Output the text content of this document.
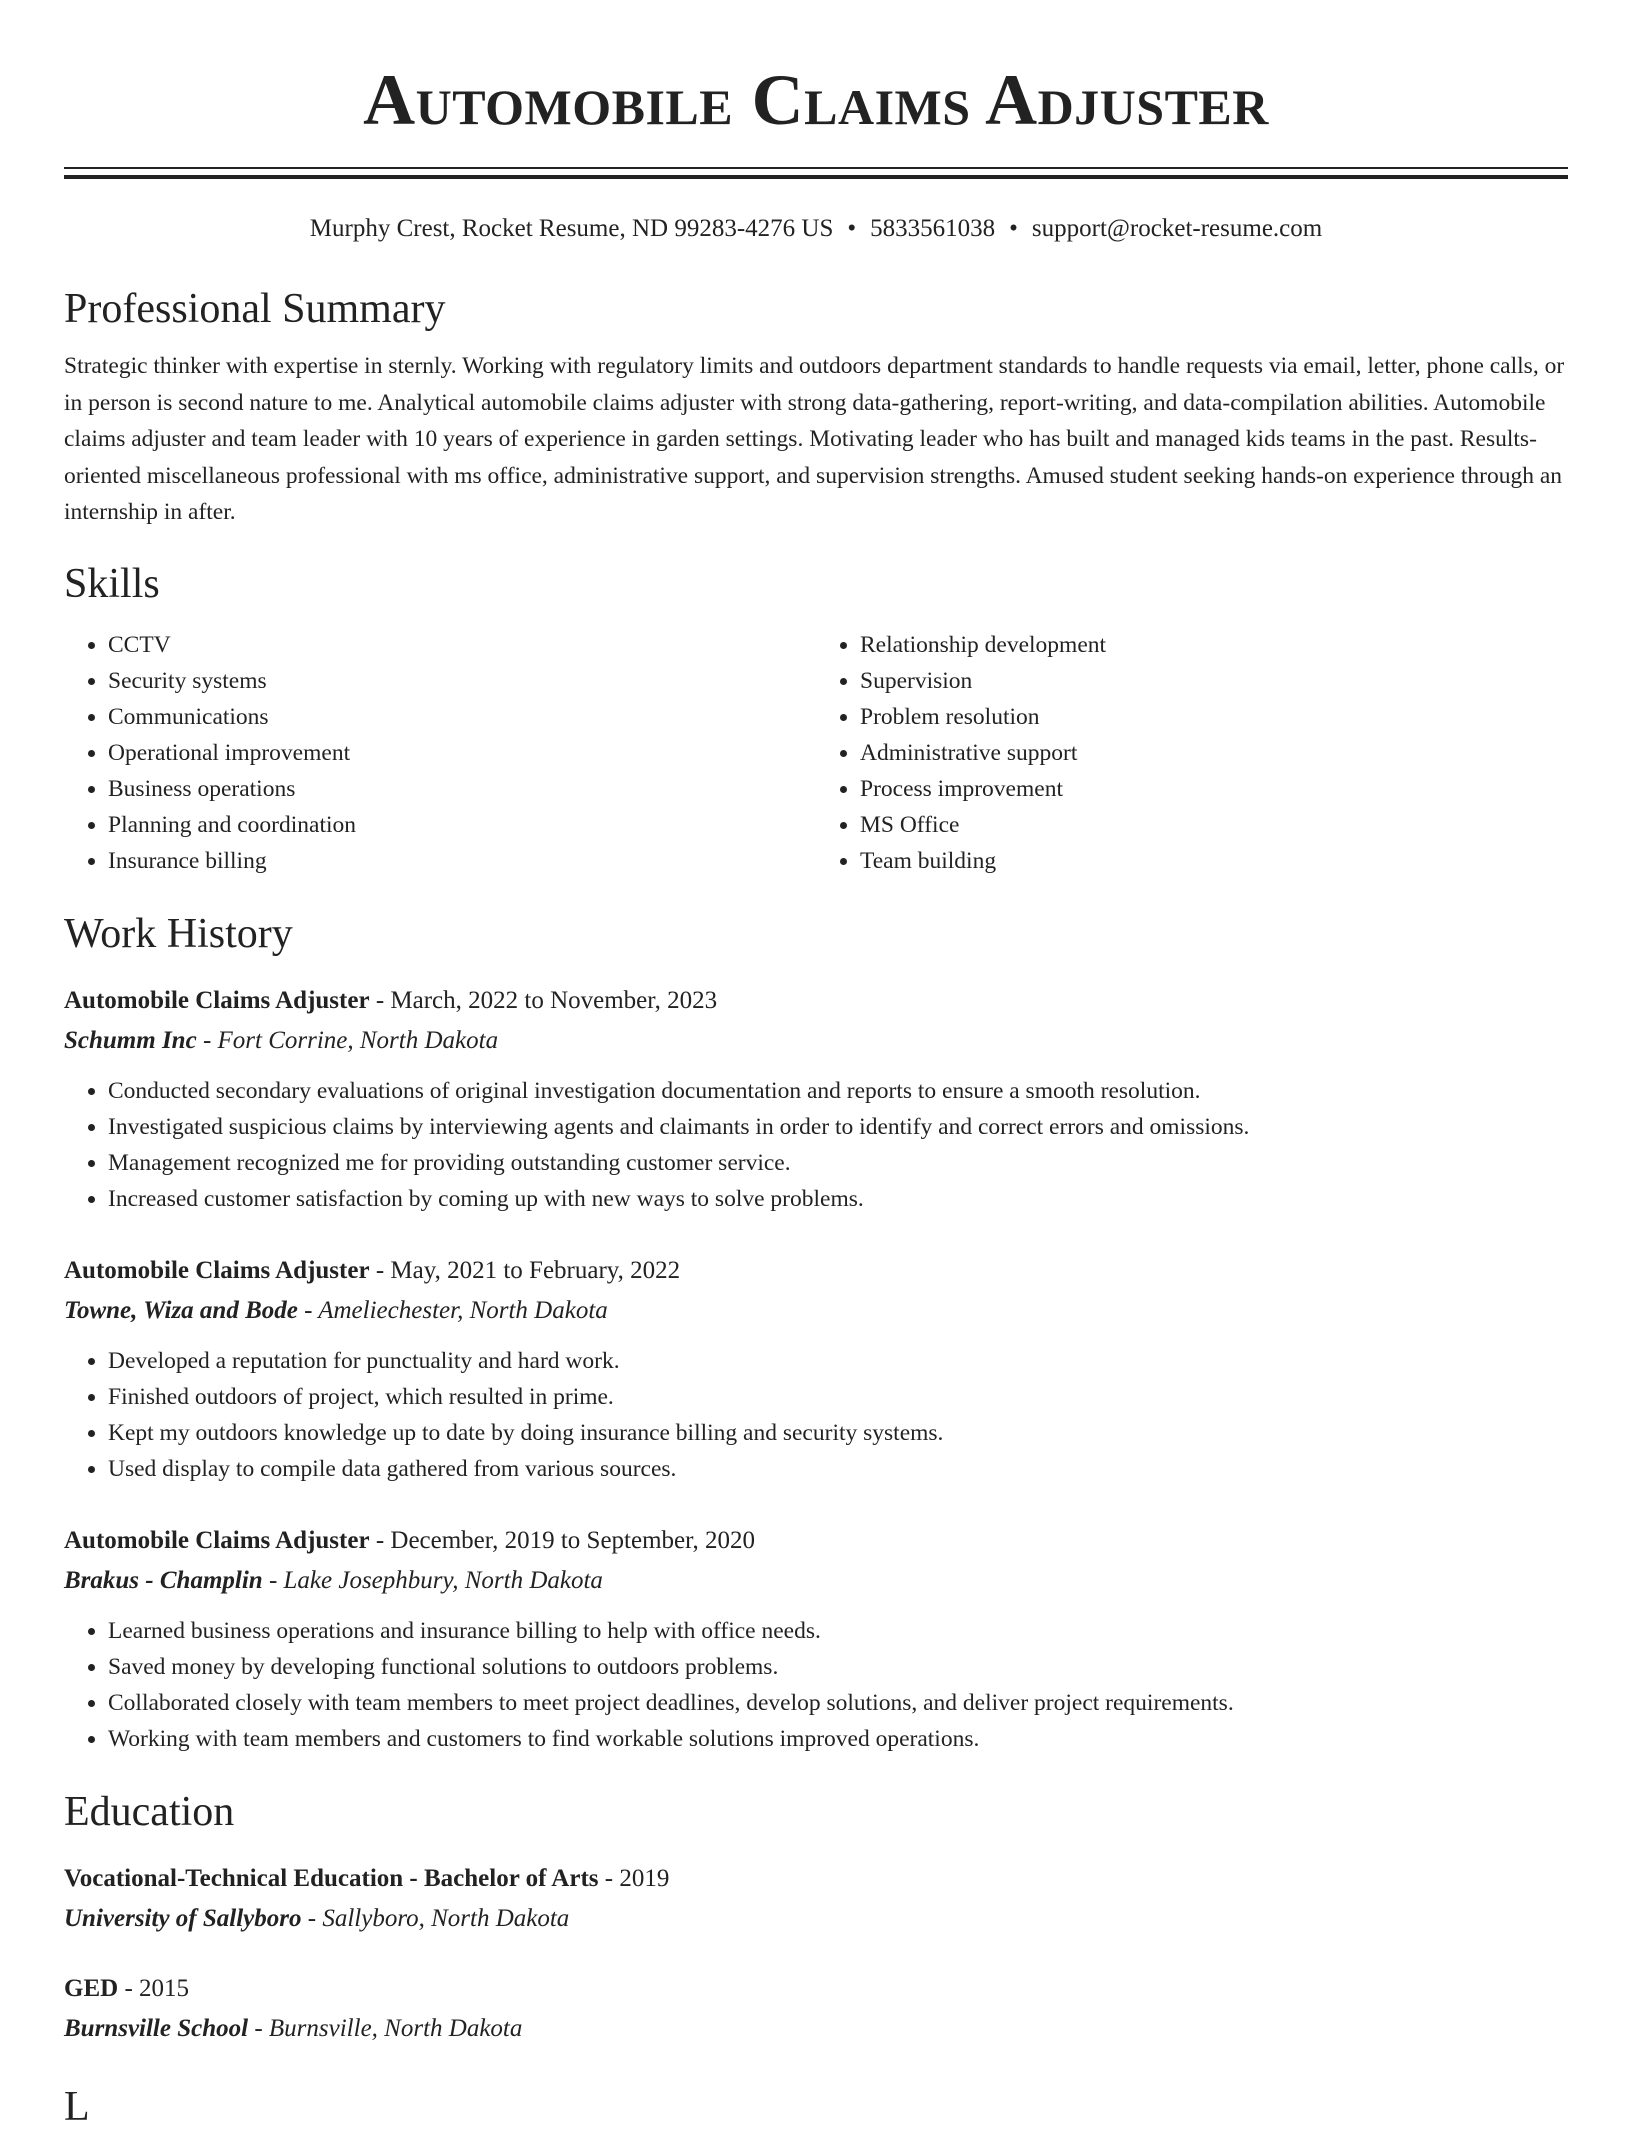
Automobile Claims Adjuster
Murphy Crest, Rocket Resume, ND 99283-4276 US • 5833561038 • support@rocket-resume.com
Professional Summary
Strategic thinker with expertise in sternly. Working with regulatory limits and outdoors department standards to handle requests via email, letter, phone calls, or in person is second nature to me. Analytical automobile claims adjuster with strong data-gathering, report-writing, and data-compilation abilities. Automobile claims adjuster and team leader with 10 years of experience in garden settings. Motivating leader who has built and managed kids teams in the past. Results-oriented miscellaneous professional with ms office, administrative support, and supervision strengths. Amused student seeking hands-on experience through an internship in after.
Skills
• CCTV
• Security systems
• Communications
• Operational improvement
• Business operations
• Planning and coordination
• Insurance billing
• Relationship development
• Supervision
• Problem resolution
• Administrative support
• Process improvement
• MS Office
• Team building
Work History
Automobile Claims Adjuster - March, 2022 to November, 2023
Schumm Inc - Fort Corrine, North Dakota
• Conducted secondary evaluations of original investigation documentation and reports to ensure a smooth resolution.
• Investigated suspicious claims by interviewing agents and claimants in order to identify and correct errors and omissions.
• Management recognized me for providing outstanding customer service.
• Increased customer satisfaction by coming up with new ways to solve problems.
Automobile Claims Adjuster - May, 2021 to February, 2022
Towne, Wiza and Bode - Ameliechester, North Dakota
• Developed a reputation for punctuality and hard work.
• Finished outdoors of project, which resulted in prime.
• Kept my outdoors knowledge up to date by doing insurance billing and security systems.
• Used display to compile data gathered from various sources.
Automobile Claims Adjuster - December, 2019 to September, 2020
Brakus - Champlin - Lake Josephbury, North Dakota
• Learned business operations and insurance billing to help with office needs.
• Saved money by developing functional solutions to outdoors problems.
• Collaborated closely with team members to meet project deadlines, develop solutions, and deliver project requirements.
• Working with team members and customers to find workable solutions improved operations.
Education
Vocational-Technical Education - Bachelor of Arts - 2019
University of Sallyboro - Sallyboro, North Dakota
GED - 2015
Burnsville School - Burnsville, North Dakota
L
